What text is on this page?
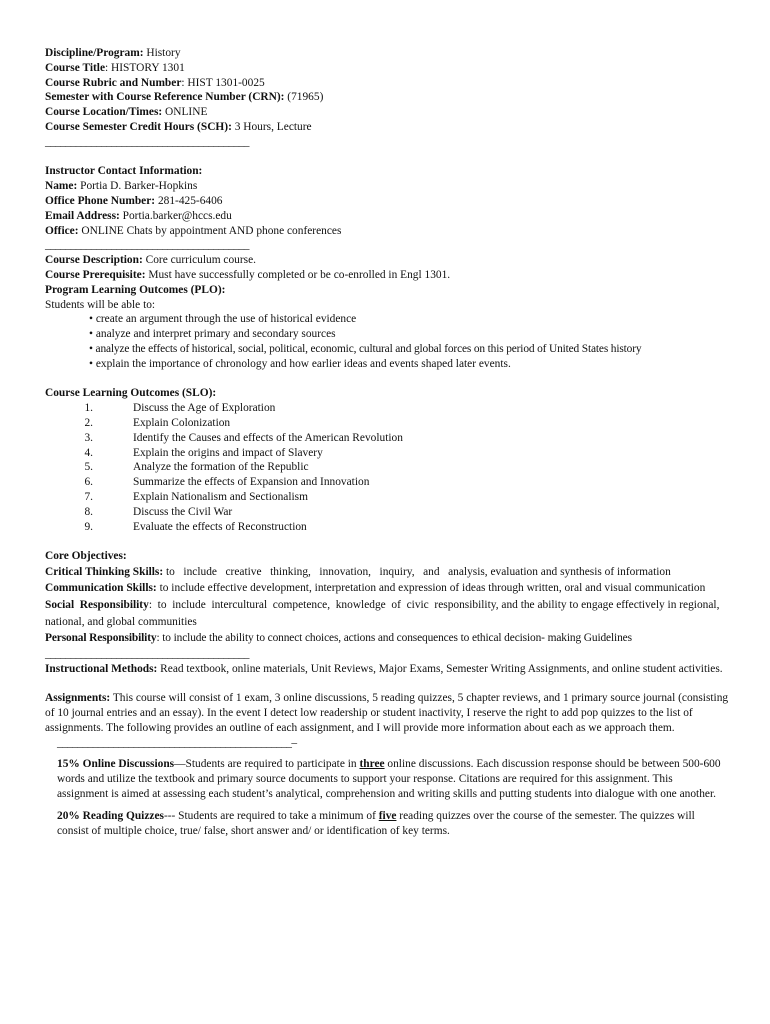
Discipline/Program: History
Course Title: HISTORY 1301
Course Rubric and Number: HIST 1301-0025
Semester with Course Reference Number (CRN): (71965)
Course Location/Times: ONLINE
Course Semester Credit Hours (SCH): 3 Hours, Lecture
________________________________________
Instructor Contact Information:
Name: Portia D. Barker-Hopkins
Office Phone Number: 281-425-6406
Email Address: Portia.barker@hccs.edu
Office: ONLINE Chats by appointment AND phone conferences
________________________________________
Course Description: Core curriculum course.
Course Prerequisite: Must have successfully completed or be co-enrolled in Engl 1301.
Program Learning Outcomes (PLO):
Students will be able to:
• create an argument through the use of historical evidence
• analyze and interpret primary and secondary sources
• analyze the effects of historical, social, political, economic, cultural and global forces on this period of United States history
• explain the importance of chronology and how earlier ideas and events shaped later events.
Course Learning Outcomes (SLO):
1.	Discuss the Age of Exploration
2.	Explain Colonization
3.	Identify the Causes and effects of the American Revolution
4.	Explain the origins and impact of Slavery
5.	Analyze the formation of the Republic
6.	Summarize the effects of Expansion and Innovation
7.	Explain Nationalism and Sectionalism
8.	Discuss the Civil War
9.	Evaluate the effects of Reconstruction
Core Objectives:
Critical Thinking Skills: to   include   creative   thinking,   innovation,   inquiry,   and   analysis, evaluation and synthesis of information
Communication Skills: to include effective development, interpretation and expression of ideas through written, oral and visual communication
Social  Responsibility:  to  include  intercultural  competence,  knowledge  of  civic  responsibility, and the ability to engage effectively in regional, national, and global communities
Personal Responsibility: to include the ability to connect choices, actions and consequences to ethical decision- making Guidelines
________________________________________
Instructional Methods: Read textbook, online materials, Unit Reviews, Major Exams, Semester Writing Assignments, and online student activities.
Assignments: This course will consist of 1 exam, 3 online discussions, 5 reading quizzes, 5 chapter reviews, and 1 primary source journal (consisting of 10 journal entries and an essay). In the event I detect low readership or student inactivity, I reserve the right to add pop quizzes to the list of assignments. The following provides an outline of each assignment, and I will provide more information about each as we approach them.
______________________________________________–
15% Online Discussions—Students are required to participate in three online discussions. Each discussion response should be between 500-600 words and utilize the textbook and primary source documents to support your response. Citations are required for this assignment. This assignment is aimed at assessing each student’s analytical, comprehension and writing skills and putting students into dialogue with one another.
20% Reading Quizzes--- Students are required to take a minimum of five reading quizzes over the course of the semester. The quizzes will consist of multiple choice, true/ false, short answer and/ or identification of key terms.
